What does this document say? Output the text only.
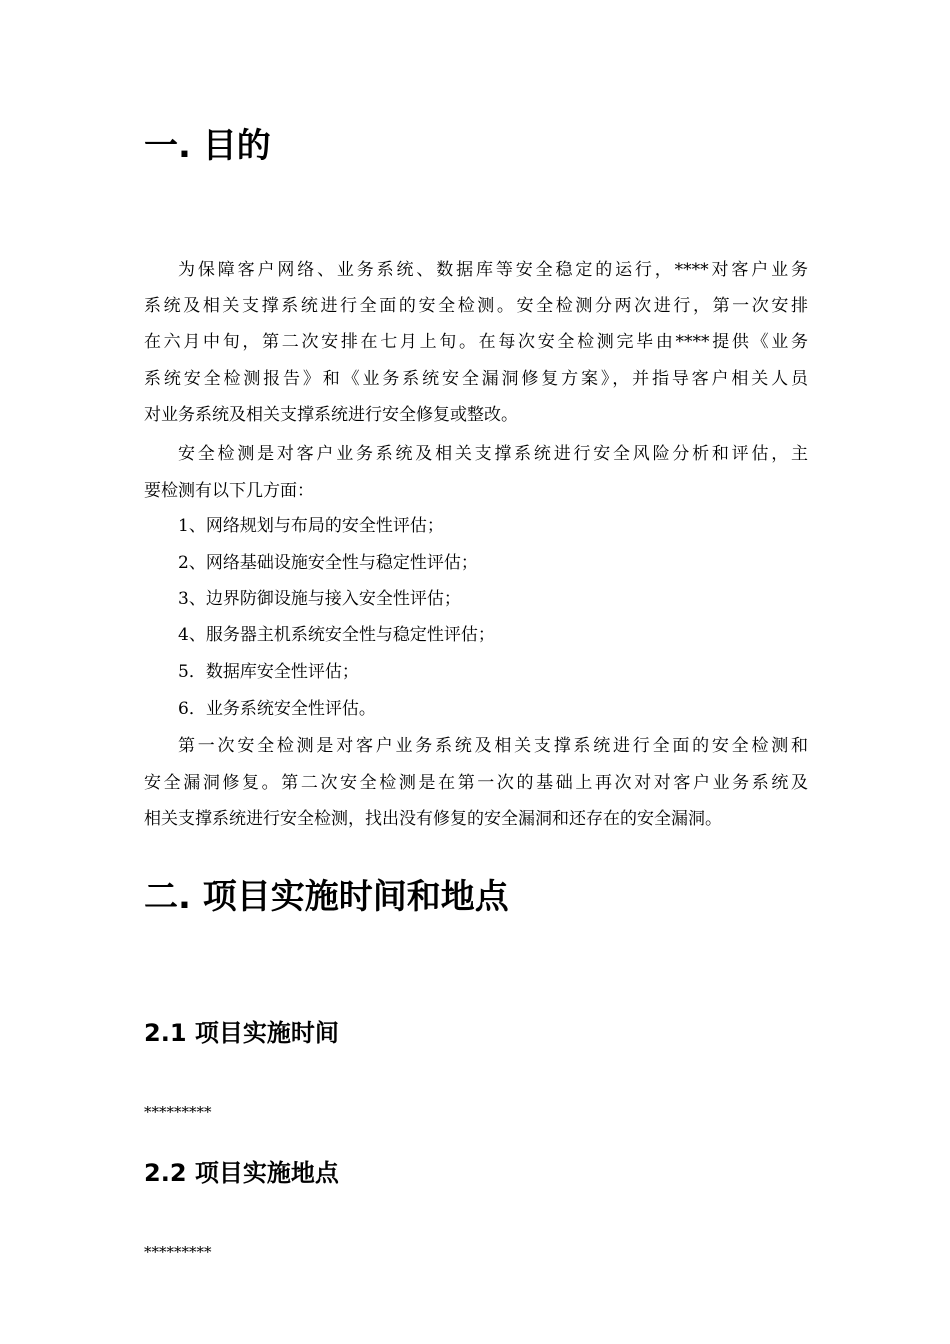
一. 目的
为保障客户网络、业务系统、数据库等安全稳定的运行，****对客户业务
系统及相关支撑系统进行全面的安全检测。安全检测分两次进行，第一次安排
在六月中旬，第二次安排在七月上旬。在每次安全检测完毕由****提供《业务
系统安全检测报告》和《业务系统安全漏洞修复方案》，并指导客户相关人员
对业务系统及相关支撑系统进行安全修复或整改。
安全检测是对客户业务系统及相关支撑系统进行安全风险分析和评估，主
要检测有以下几方面：
1、网络规划与布局的安全性评估；
2、网络基础设施安全性与稳定性评估；
3、边界防御设施与接入安全性评估；
4、服务器主机系统安全性与稳定性评估；
5．数据库安全性评估；
6．业务系统安全性评估。
第一次安全检测是对客户业务系统及相关支撑系统进行全面的安全检测和
安全漏洞修复。第二次安全检测是在第一次的基础上再次对对客户业务系统及
相关支撑系统进行安全检测，找出没有修复的安全漏洞和还存在的安全漏洞。
二. 项目实施时间和地点
2.1 项目实施时间
*********
2.2 项目实施地点
*********
